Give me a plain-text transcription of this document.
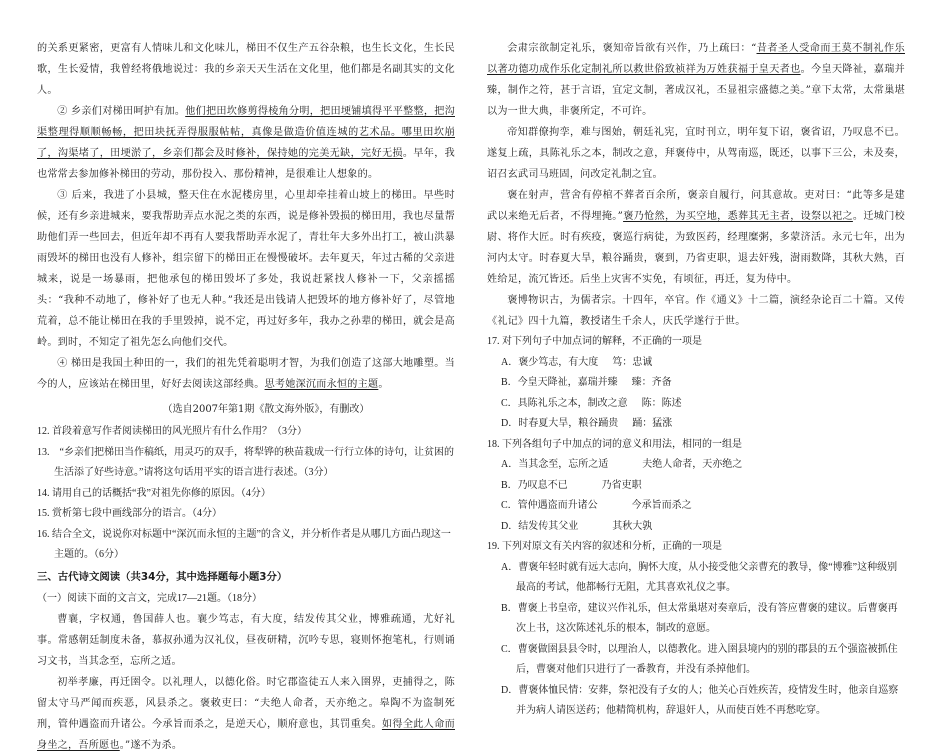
的关系更紧密，更富有人情味儿和文化味儿，梯田不仅生产五谷杂粮，也生长文化，生长民歌，生长爱情，我曾经将俄地说过：我的乡亲天天生活在文化里，他们都是名副其实的文化人。

② 乡亲们对梯田呵护有加。他们把田坎修剪得棱角分明，把田埂铺填得平平整整，把沟渠整理得顺顺畅畅，把田块抚弄得服服帖帖，真像是做造价值连城的艺术品。哪里田坎崩了，沟渠堵了，田埂淤了，乡亲们都会及时修补，保持她的完美无缺，完好无损。早年，我也常常去参加修补梯田的劳动，那份投入、那份精神，是很难让人想象的。

③ 后来，我进了小县城，整天住在水泥楼房里，心里却牵挂着山坡上的梯田。早些时候，还有乡亲进城来，要我帮助弄点水泥之类的东西，说是修补毁损的梯田用，我也尽量帮助他们弄一些回去，但近年却不再有人要我帮助弄水泥了，青壮年大多外出打工，被山洪暴雨毁坏的梯田也没有人修补，组宗留下的梯田正在慢慢破坏。去年夏天，年过古稀的父亲进城来，说是一场暴雨，把他承包的梯田毁坏了多处，我说赶紧找人修补一下，父亲摇摇头：“我种不动地了，修补好了也无人种。”我还是出钱请人把毁坏的地方修补好了，尽管地荒着，总不能让梯田在我的手里毁掉，说不定，再过好多年，我办之孙辈的梯田，就会是高岭。到时，不知定了祖先怎么向他们交代。

④ 梯田是我国土种田的一，我们的祖先凭着聪明才智，为我们创造了这部大地雕塑。当今的人，应该站在梯田里，好好去阅读这部经典。思考她深沉而永恒的主题。

（选自2007年第1期《散文海外版》，有删改）

12. 首段着意写作者阅读梯田的风光照片有什么作用？（3分）

13.　“乡亲们把梯田当作稿纸，用灵巧的双手，将犁铧的秧苗栽成一行行立体的诗句，让贫困的生活添了好些诗意。”请将这句话用平实的语言进行表述。（3分）

14. 请用自己的话概括“我”对祖先你修的原因。（4分）

15. 赏析第七段中画线部分的语言。（4分）

16. 结合全文，说说你对标题中“深沉而永恒的主题”的含义，并分析作者是从哪几方面凸现这一主题的。（6分）

三、古代诗文阅读（共34分，其中选择题每小题3分）

（一）阅读下面的文言文，完成17—21题。（18分）

曹襄，字权通，鲁国薛人也。襄少笃志，有大度，结发传其父业，博雅疏通，尤好礼事。常感朝廷制度未备，慕叔孙通为汉礼仪，昼夜研精，沉吟专思，寝则怀抱笔札，行则诵习文书，当其念至，忘所之适。

初举孝廉，再迁圉令。以礼理人，以德化俗。时它郡盗徒五人来入圉界，吏捕得之，陈留太守马严闻而疾恶，风县杀之。褒敕吏曰：“夫绝人命者，天亦绝之。皋陶不为盗制死刑，管仲遇盗而升诸公。今承旨而杀之，是逆天心，顺府意也，其罚重矣。如得全此人命而身坐之，吾所愿也。”遂不为杀。

会肃宗欲制定礼乐，褒知帝旨欲有兴作，乃上疏曰：“昔者圣人受命而王莫不制礼作乐以著功德功成作乐化定制礼所以救世俗致祯祥为万姓获福于皇天者也。今皇天降祉，嘉瑞并臻，制作之符，甚于言语，宜定文制，著成汉礼，丕显祖宗盛德之美。”章下太常，太常巢堪以为一世大典，非褒所定，不可许。

帝知群僚拘孪，难与图始，朝廷礼宪，宜时刊立，明年复下诏，褒省诏，乃叹息不已。遂复上疏，具陈礼乐之本，制改之意，拜褒侍中，从驾南巡，既还，以事下三公，未及奏，诏召玄武司马班固，问改定礼制之宜。

褒在射声，营舍有停棺不葬者百余所，褒亲自履行，问其意故。吏对曰：“此等多是建武以来绝无后者，不得埋掩。”褒乃怆然，为买空地，悉葬其无主者，设祭以祀之。迁城门校尉、将作大匠。时有疾疫，褒巡行病徒，为致医药，经理糜粥，多蒙济活。永元七年，出为河内太守。时春夏大旱，粮谷踊贵，褒到，乃省吏职，退去奸残，澍雨数降，其秋大熟，百姓给足，流冗皆还。后坐上灾害不实免，有顷征，再迁，复为侍中。

褒博物识古，为儒者宗。十四年，卒官。作《通义》十二篇，演经杂论百二十篇。又传《礼记》四十九篇，教授诸生千余人，庆氏学遂行于世。

17. 对下列句子中加点词的解释，不正确的一项是

A．褒少笃志，有大度 笃：忠诚

B．今皇天降祉，嘉瑞并臻 臻：齐备

C．具陈礼乐之本，制改之意 陈：陈述

D．时春夏大旱，粮谷踊贵 踊：猛涨

18. 下列各组句子中加点的词的意义和用法，相同的一组是

A．当其念至，忘所之适	夫绝人命者，天亦绝之

B．乃叹息不已	乃省吏职

C．管仲遇盗而升诸公	今承旨而杀之

D．结发传其父业	其秋大孰

19. 下列对原文有关内容的叙述和分析，正确的一项是

A．曹褒年轻时就有远大志向，胸怀大度，从小接受他父亲曹充的教导，像“博雅”这种级别最高的考试，他都畅行无阻，尤其喜欢礼仪之事。

B．曹褒上书皇帝，建议兴作礼乐，但太常巢堪对奏章后，没有答应曹褒的建议。后曹褒再次上书，这次陈述礼乐的根本，制改的意愿。

C．曹褒做圉县县令时，以理治人，以德教化。进入圉县境内的别的郡县的五个强盗被抓住后，曹褒对他们只进行了一番教育，并没有杀掉他们。

D．曹褒体恤民情：安葬，祭祀没有子女的人；他关心百姓疾苦，疫情发生时，他亲自巡察并为病人请医送药；他精简机构，辞退奸人，从而使百姓不再愁吃穿。
